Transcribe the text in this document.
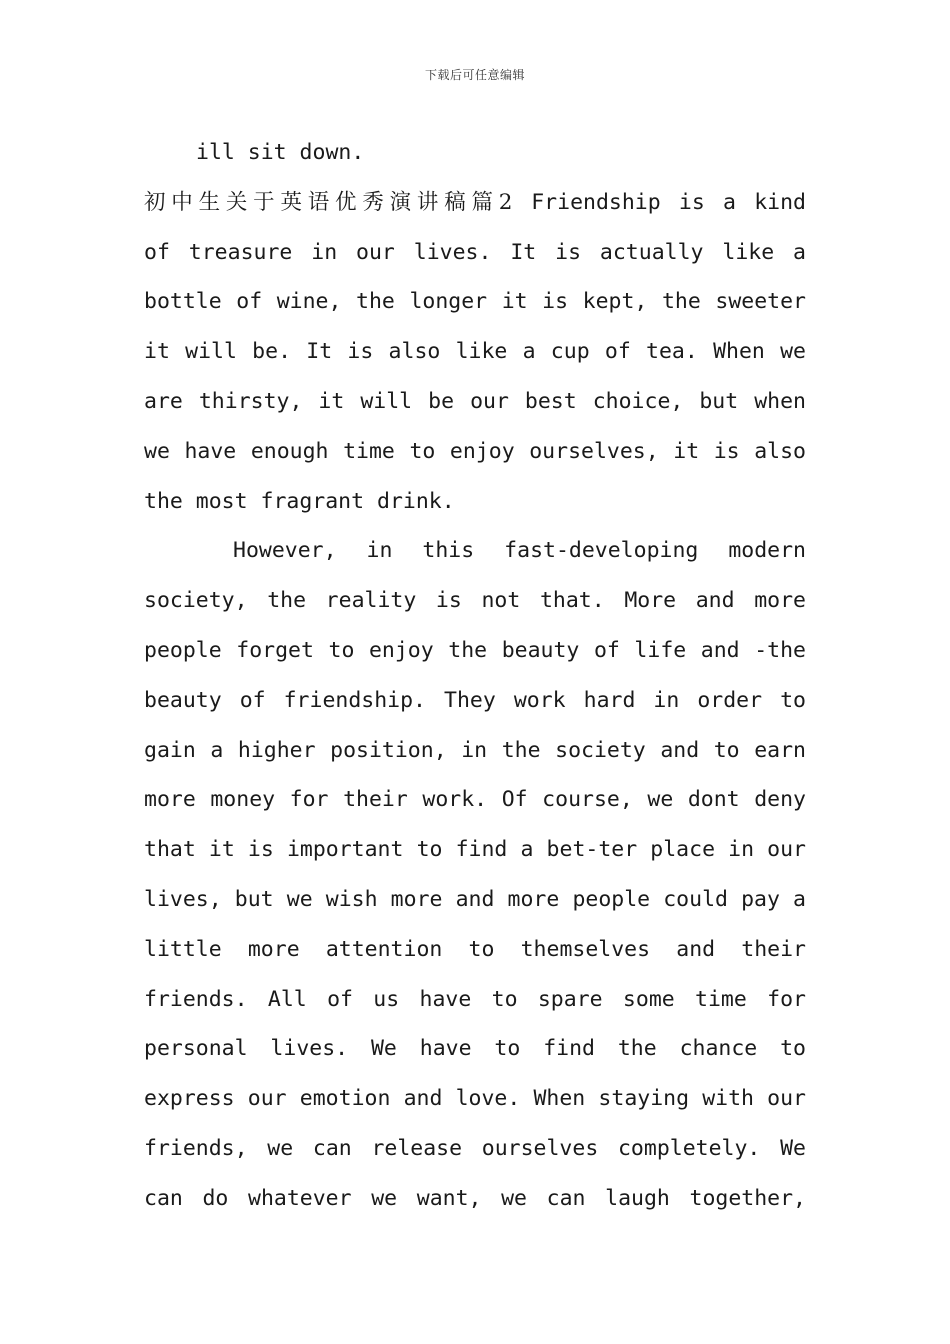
下载后可任意编辑
ill sit down.
初中生关于英语优秀演讲稿篇2 Friendship is a kind
of treasure in our lives. It is actually like a
bottle of wine, the longer it is kept, the sweeter
it will be. It is also like a cup of tea. When we
are thirsty, it will be our best choice, but when
we have enough time to enjoy ourselves, it is also
the most fragrant drink.
However, in this fast-developing modern
society, the reality is not that. More and more
people forget to enjoy the beauty of life and -the
beauty of friendship. They work hard in order to
gain a higher position, in the society and to earn
more money for their work. Of course, we dont deny
that it is important to find a bet-ter place in our
lives, but we wish more and more people could pay a
little more attention to themselves and their
friends. All of us have to spare some time for
personal lives. We have to find the chance to
express our emotion and love. When staying with our
friends, we can release ourselves completely. We
can do whatever we want, we can laugh together,
